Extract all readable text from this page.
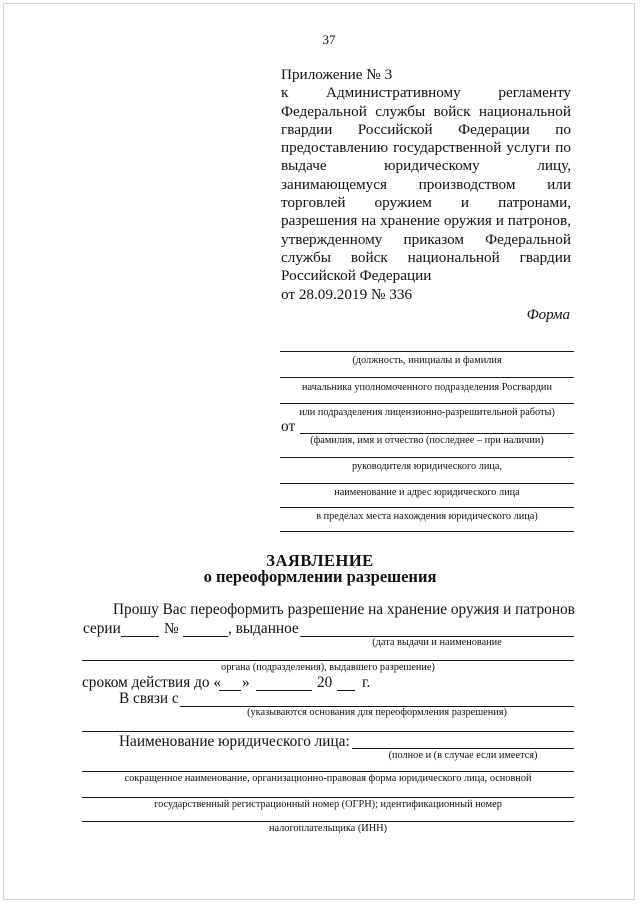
37
Приложение № 3
к Административному регламенту
Федеральной службы войск национальной
гвардии Российской Федерации по
предоставлению государственной услуги по
выдаче юридическому лицу,
занимающемуся производством или
торговлей оружием и патронами,
разрешения на хранение оружия и патронов,
утвержденному приказом Федеральной
службы войск национальной гвардии
Российской Федерации
от 28.09.2019 № 336
Форма
(должность, инициалы и фамилия
начальника уполномоченного подразделения Росгвардии
или подразделения лицензионно-разрешительной работы)
от
(фамилия, имя и отчество (последнее – при наличии)
руководителя юридического лица,
наименование и адрес юридического лица
в пределах места нахождения юридического лица)
ЗАЯВЛЕНИЕ
о переоформлении разрешения
Прошу Вас переоформить разрешение на хранение оружия и патронов
серии	№	, выданное
(дата выдачи и наименование
органа (подразделения), выдавшего разрешение)
сроком действия до « »	20 г.
В связи с
(указываются основания для переоформления разрешения)
Наименование юридического лица:
(полное и (в случае если имеется)
сокращенное наименование, организационно-правовая форма юридического лица, основной
государственный регистрационный номер (ОГРН); идентификационный номер
налогоплательщика (ИНН)
